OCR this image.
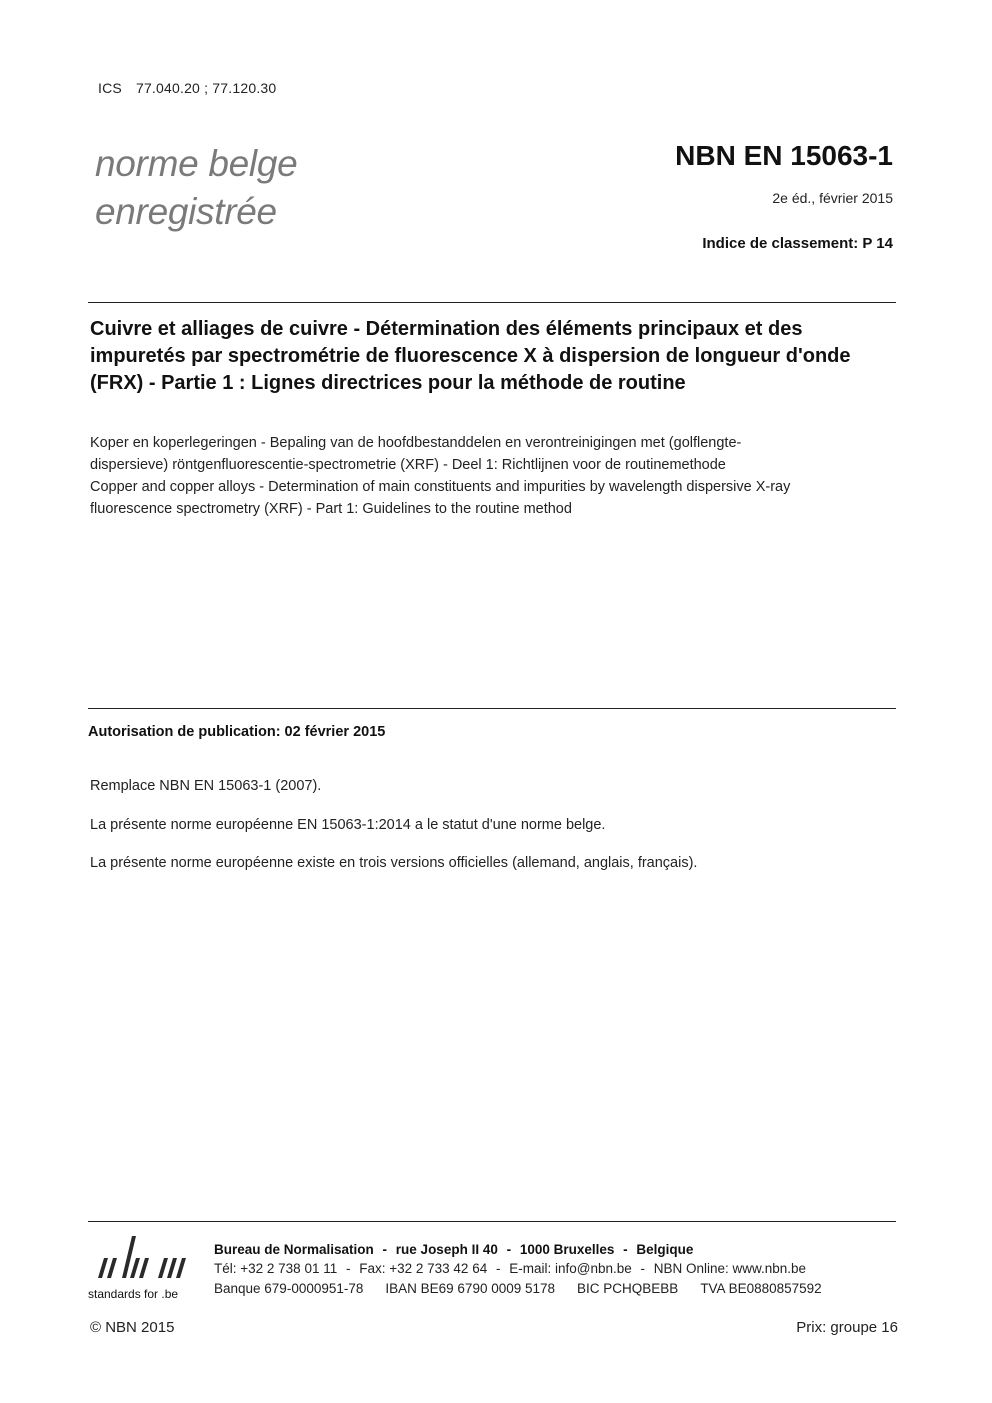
ICS 77.040.20 ; 77.120.30
norme belge
enregistrée
NBN EN 15063-1
2e éd., février 2015
Indice de classement: P 14
Cuivre et alliages de cuivre - Détermination des éléments principaux et des impuretés par spectrométrie de fluorescence X à dispersion de longueur d'onde (FRX) - Partie 1 : Lignes directrices pour la méthode de routine
Koper en koperlegeringen - Bepaling van de hoofdbestanddelen en verontreinigingen met (golflengte-
dispersieve) röntgenfluorescentie-spectrometrie (XRF) - Deel 1: Richtlijnen voor de routinemethode
Copper and copper alloys - Determination of main constituents and impurities by wavelength dispersive X-ray
fluorescence spectrometry (XRF) - Part 1: Guidelines to the routine method
Autorisation de publication: 02 février 2015
Remplace NBN EN 15063-1 (2007).
La présente norme européenne EN 15063-1:2014 a le statut d'une norme belge.
La présente norme européenne existe en trois versions officielles (allemand, anglais, français).
standards for .be
Bureau de Normalisation - rue Joseph II 40 - 1000 Bruxelles - Belgique
Tél: +32 2 738 01 11 - Fax: +32 2 733 42 64 - E-mail: info@nbn.be - NBN Online: www.nbn.be
Banque 679-0000951-78 IBAN BE69 6790 0009 5178 BIC PCHQBEBB TVA BE0880857592
© NBN 2015	Prix: groupe 16
